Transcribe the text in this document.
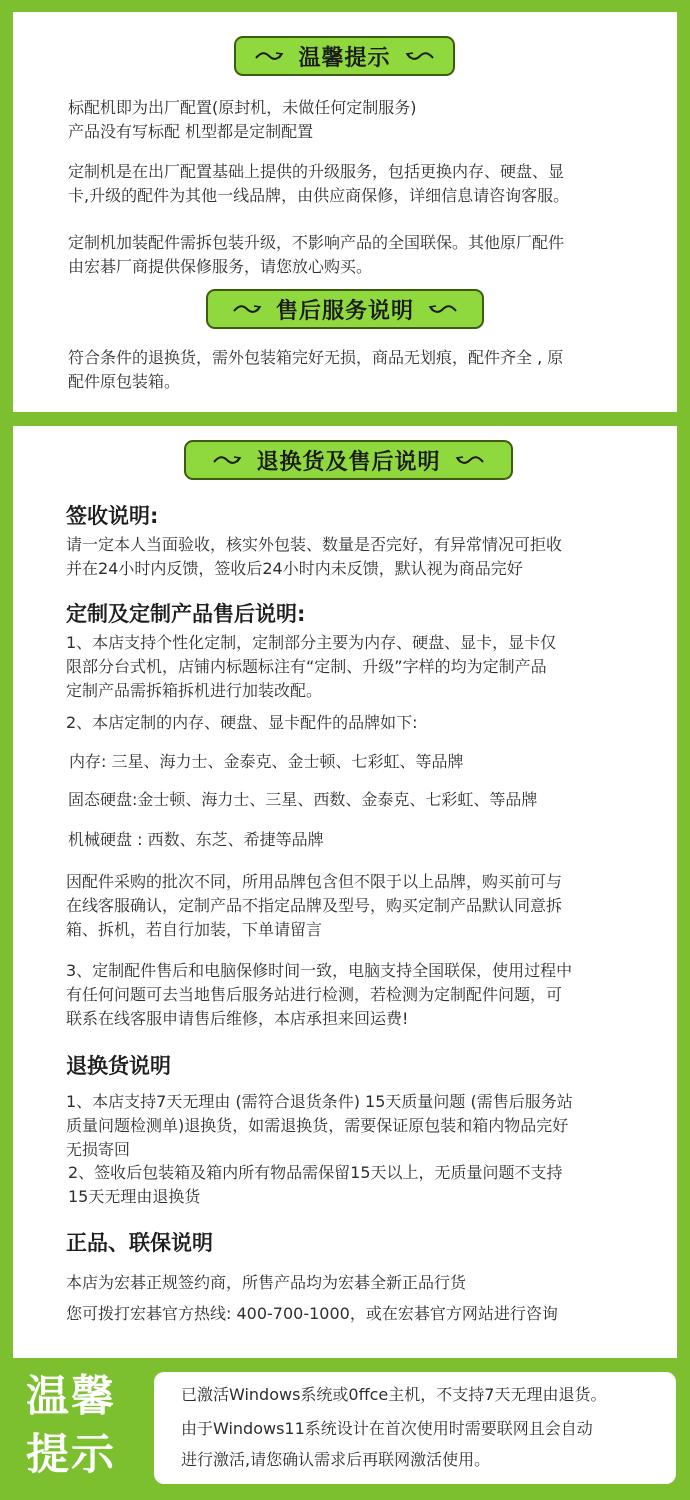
温馨提示
标配机即为出厂配置(原封机，未做任何定制服务)
产品没有写标配 机型都是定制配置
定制机是在出厂配置基础上提供的升级服务，包括更换内存、硬盘、显
卡,升级的配件为其他一线品牌，由供应商保修，详细信息请咨询客服。
定制机加装配件需拆包装升级，不影响产品的全国联保。其他原厂配件
由宏碁厂商提供保修服务，请您放心购买。
售后服务说明
符合条件的退换货，需外包装箱完好无损，商品无划痕，配件齐全 , 原
配件原包装箱。
退换货及售后说明
签收说明:
请一定本人当面验收，核实外包装、数量是否完好，有异常情况可拒收
并在24小时内反馈，签收后24小时内未反馈，默认视为商品完好
定制及定制产品售后说明:
1、本店支持个性化定制，定制部分主要为内存、硬盘、显卡，显卡仅
限部分台式机，店铺内标题标注有“定制、升级”字样的均为定制产品
定制产品需拆箱拆机进行加装改配。
2、本店定制的内存、硬盘、显卡配件的品牌如下:
内存: 三星、海力士、金泰克、金士顿、七彩虹、等品牌
固态硬盘:金士顿、海力士、三星、西数、金泰克、七彩虹、等品牌
机械硬盘 : 西数、东芝、希捷等品牌
因配件采购的批次不同，所用品牌包含但不限于以上品牌，购买前可与
在线客服确认，定制产品不指定品牌及型号，购买定制产品默认同意拆
箱、拆机，若自行加装，下单请留言
3、定制配件售后和电脑保修时间一致，电脑支持全国联保，使用过程中
有任何问题可去当地售后服务站进行检测，若检测为定制配件问题，可
联系在线客服申请售后维修，本店承担来回运费!
退换货说明
1、本店支持7天无理由 (需符合退货条件) 15天质量问题 (需售后服务站
质量问题检测单)退换货，如需退换货，需要保证原包装和箱内物品完好
无损寄回
2、签收后包装箱及箱内所有物品需保留15天以上，无质量问题不支持
15天无理由退换货
正品、联保说明
本店为宏碁正规签约商，所售产品均为宏碁全新正品行货
您可拨打宏碁官方热线: 400-700-1000，或在宏碁官方网站进行咨询
温馨
提示
已激活Windows系统或0ffce主机，不支持7天无理由退货。
由于Windows11系统设计在首次使用时需要联网且会自动
进行激活,请您确认需求后再联网激活使用。
